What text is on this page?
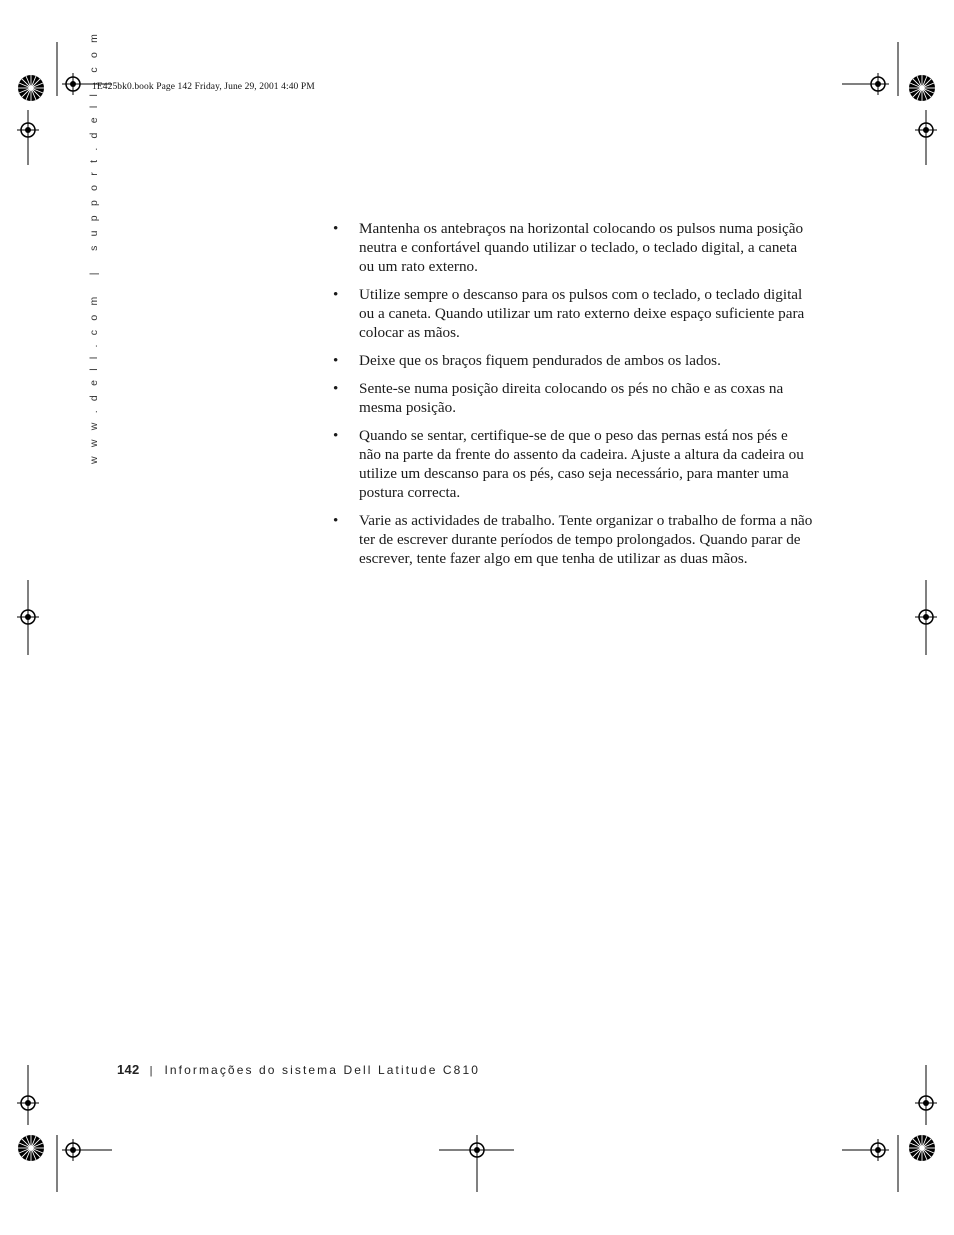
1E425bk0.book Page 142 Friday, June 29, 2001 4:40 PM
w w w . d e l l . c o m   |   s u p p o r t . d e l l . c o m	• Mantenha os antebraços na horizontal colocando os pulsos numa posição neutra e confortável quando utilizar o teclado, o teclado digital, a caneta ou um rato externo.
• Utilize sempre o descanso para os pulsos com o teclado, o teclado digital ou a caneta. Quando utilizar um rato externo deixe espaço suficiente para colocar as mãos.
• Deixe que os braços fiquem pendurados de ambos os lados.
• Sente-se numa posição direita colocando os pés no chão e as coxas na mesma posição.
• Quando se sentar, certifique-se de que o peso das pernas está nos pés e não na parte da frente do assento da cadeira. Ajuste a altura da cadeira ou utilize um descanso para os pés, caso seja necessário, para manter uma postura correcta.
• Varie as actividades de trabalho. Tente organizar o trabalho de forma a não ter de escrever durante períodos de tempo prolongados. Quando parar de escrever, tente fazer algo em que tenha de utilizar as duas mãos.
142 | Informações do sistema Dell Latitude C810
